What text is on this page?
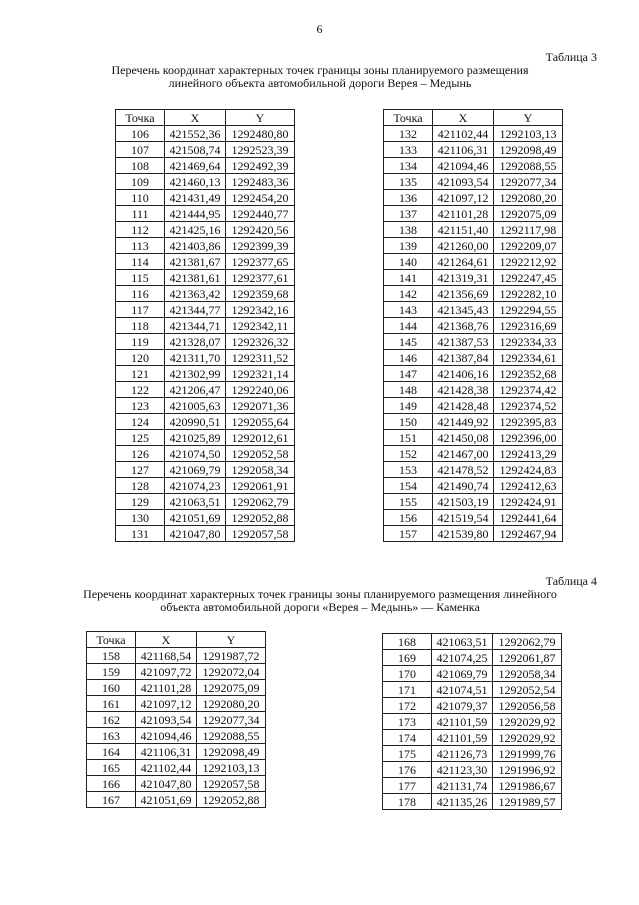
6
Таблица 3
Перечень координат характерных точек границы зоны планируемого размещения
линейного объекта автомобильной дороги Верея – Медынь
Точка	X	Y
106	421552,36	1292480,80
107	421508,74	1292523,39
108	421469,64	1292492,39
109	421460,13	1292483,36
110	421431,49	1292454,20
111	421444,95	1292440,77
112	421425,16	1292420,56
113	421403,86	1292399,39
114	421381,67	1292377,65
115	421381,61	1292377,61
116	421363,42	1292359,68
117	421344,77	1292342,16
118	421344,71	1292342,11
119	421328,07	1292326,32
120	421311,70	1292311,52
121	421302,99	1292321,14
122	421206,47	1292240,06
123	421005,63	1292071,36
124	420990,51	1292055,64
125	421025,89	1292012,61
126	421074,50	1292052,58
127	421069,79	1292058,34
128	421074,23	1292061,91
129	421063,51	1292062,79
130	421051,69	1292052,88
131	421047,80	1292057,58
Точка	X	Y
132	421102,44	1292103,13
133	421106,31	1292098,49
134	421094,46	1292088,55
135	421093,54	1292077,34
136	421097,12	1292080,20
137	421101,28	1292075,09
138	421151,40	1292117,98
139	421260,00	1292209,07
140	421264,61	1292212,92
141	421319,31	1292247,45
142	421356,69	1292282,10
143	421345,43	1292294,55
144	421368,76	1292316,69
145	421387,53	1292334,33
146	421387,84	1292334,61
147	421406,16	1292352,68
148	421428,38	1292374,42
149	421428,48	1292374,52
150	421449,92	1292395,83
151	421450,08	1292396,00
152	421467,00	1292413,29
153	421478,52	1292424,83
154	421490,74	1292412,63
155	421503,19	1292424,91
156	421519,54	1292441,64
157	421539,80	1292467,94
Таблица 4
Перечень координат характерных точек границы зоны планируемого размещения линейного
объекта автомобильной дороги «Верея – Медынь» — Каменка
Точка	X	Y
158	421168,54	1291987,72
159	421097,72	1292072,04
160	421101,28	1292075,09
161	421097,12	1292080,20
162	421093,54	1292077,34
163	421094,46	1292088,55
164	421106,31	1292098,49
165	421102,44	1292103,13
166	421047,80	1292057,58
167	421051,69	1292052,88
168	421063,51	1292062,79
169	421074,25	1292061,87
170	421069,79	1292058,34
171	421074,51	1292052,54
172	421079,37	1292056,58
173	421101,59	1292029,92
174	421101,59	1292029,92
175	421126,73	1291999,76
176	421123,30	1291996,92
177	421131,74	1291986,67
178	421135,26	1291989,57
